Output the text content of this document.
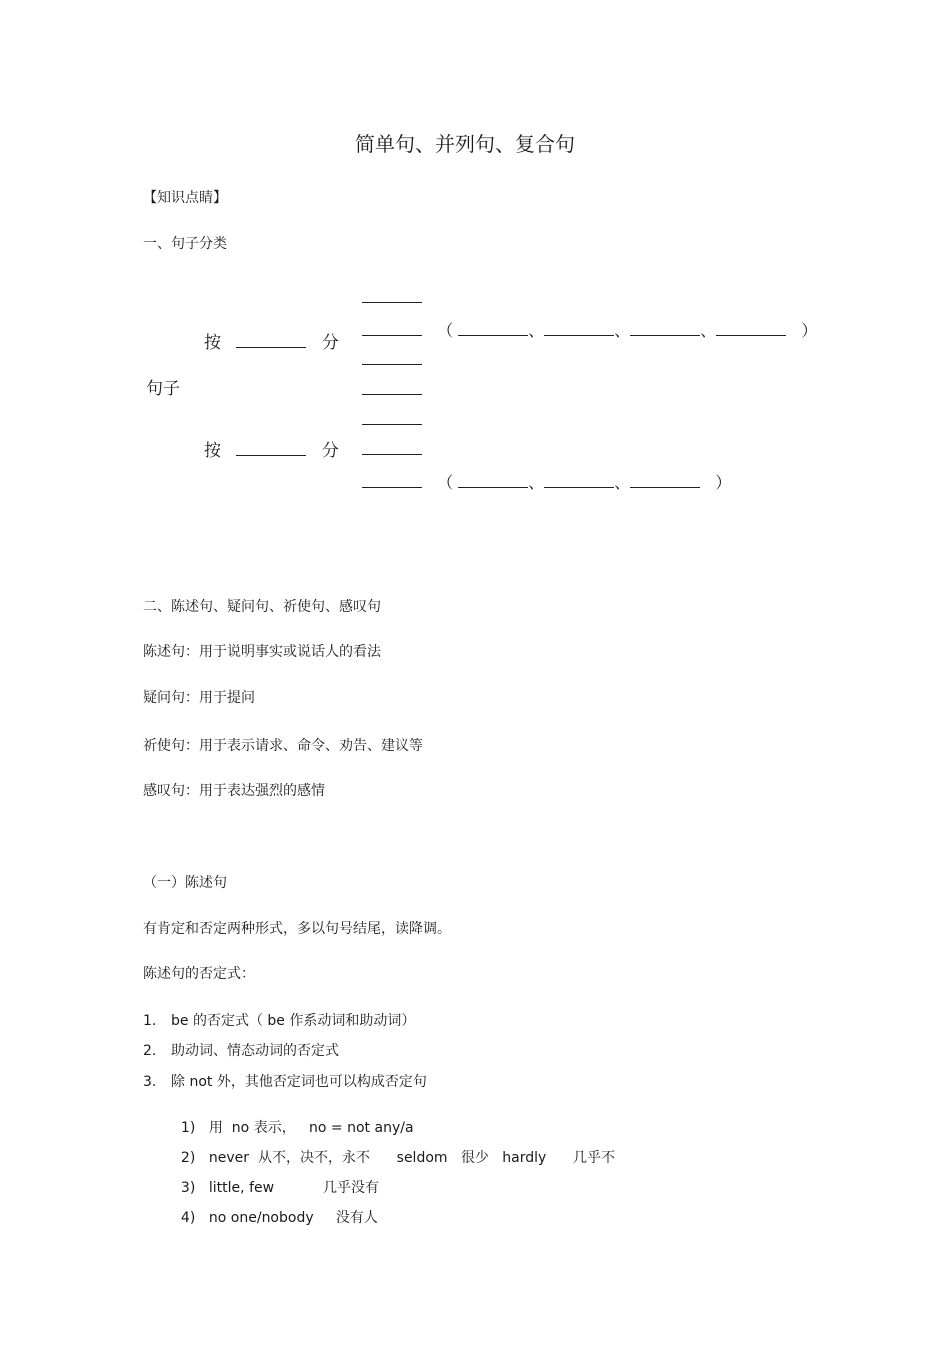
简单句、并列句、复合句
【知识点睛】
一、句子分类
句子
按	分
（	、	、	、	）
按	分
（	、	、	）
二、陈述句、疑问句、祈使句、感叹句
陈述句：用于说明事实或说话人的看法
疑问句：用于提问
祈使句：用于表示请求、命令、劝告、建议等
感叹句：用于表达强烈的感情
（一）陈述句
有肯定和否定两种形式，多以句号结尾，读降调。
陈述句的否定式：
1. be 的否定式（ be 作系动词和助动词）
2. 助动词、情态动词的否定式
3. 除 not 外，其他否定词也可以构成否定句

1) 用  no 表示，   no = not any/a

2) never  从不，决不，永不      seldom   很少   hardly      几乎不

3) little, few           几乎没有

4) no one/nobody     没有人
